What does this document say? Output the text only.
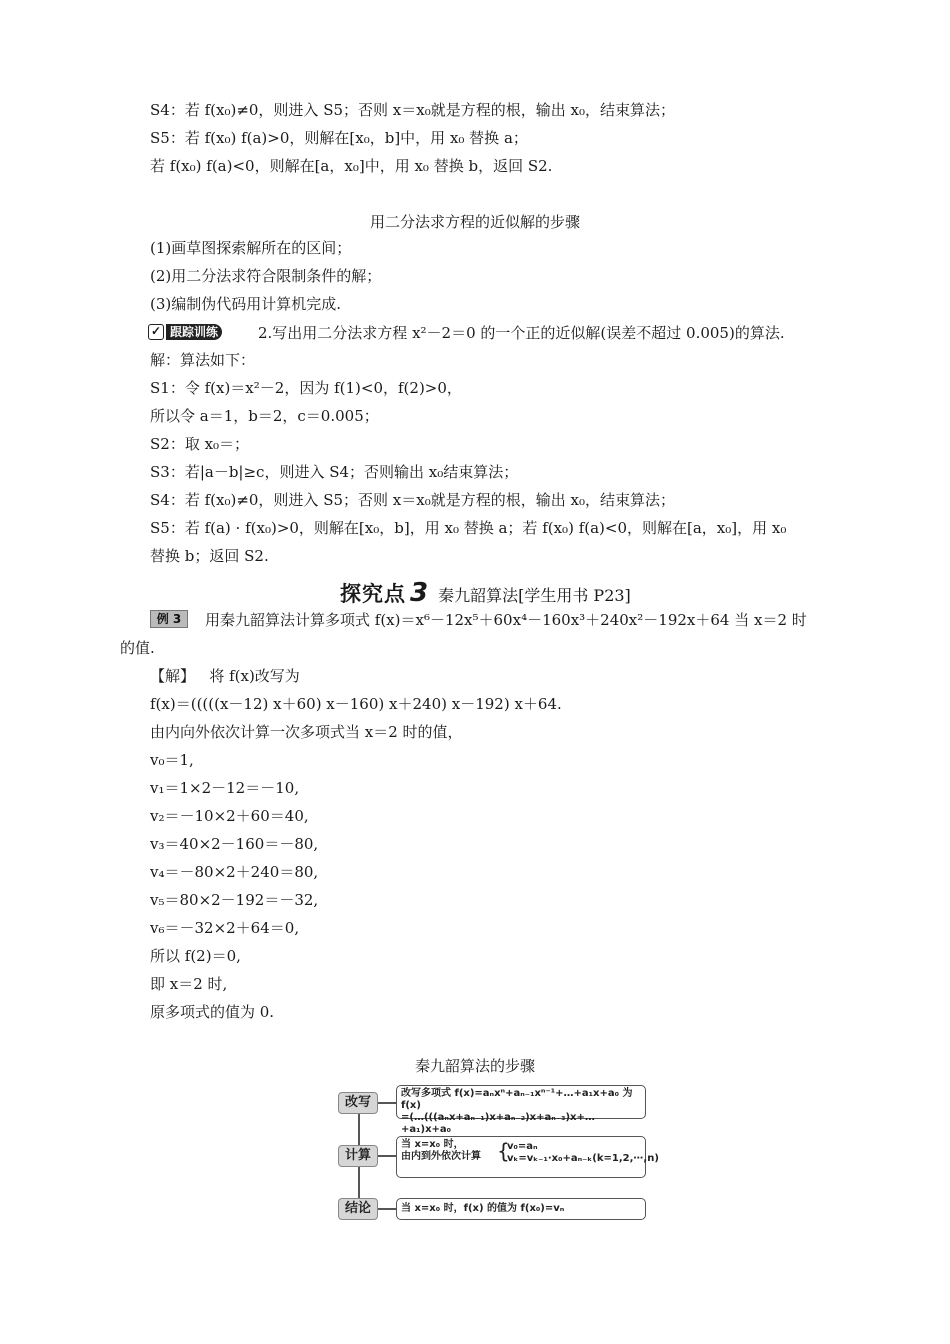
S4：若 f(x₀)≠0，则进入 S5；否则 x＝x₀就是方程的根，输出 x₀，结束算法；
S5：若 f(x₀) f(a)>0，则解在[x₀，b]中，用 x₀ 替换 a；
若 f(x₀) f(a)<0，则解在[a，x₀]中，用 x₀ 替换 b，返回 S2.
用二分法求方程的近似解的步骤
(1)画草图探索解所在的区间；
(2)用二分法求符合限制条件的解；
(3)编制伪代码用计算机完成.
✓ 跟踪训练	2.写出用二分法求方程 x²－2＝0 的一个正的近似解(误差不超过 0.005)的算法.
解：算法如下：
S1：令 f(x)＝x²－2，因为 f(1)<0，f(2)>0，
所以令 a＝1，b＝2，c＝0.005；
S2：取 x₀＝；
S3：若|a－b|≥c，则进入 S4；否则输出 x₀结束算法；
S4：若 f(x₀)≠0，则进入 S5；否则 x＝x₀就是方程的根，输出 x₀，结束算法；
S5：若 f(a) · f(x₀)>0，则解在[x₀，b]，用 x₀ 替换 a；若 f(x₀) f(a)<0，则解在[a，x₀]，用 x₀
替换 b；返回 S2.
探究点 3 秦九韶算法[学生用书 P23]
例 3	用秦九韶算法计算多项式 f(x)＝x⁶－12x⁵＋60x⁴－160x³＋240x²－192x＋64 当 x＝2 时
的值.
【解】 将 f(x)改写为
f(x)＝(((((x－12) x＋60) x－160) x＋240) x－192) x＋64.
由内向外依次计算一次多项式当 x＝2 时的值，
v₀＝1,
v₁＝1×2－12＝－10,
v₂＝－10×2＋60＝40,
v₃＝40×2－160＝－80,
v₄＝－80×2＋240＝80,
v₅＝80×2－192＝－32,
v₆＝－32×2＋64＝0,
所以 f(2)＝0,
即 x＝2 时,
原多项式的值为 0.
秦九韶算法的步骤
改写
改写多项式 f(x)=aₙxⁿ+aₙ₋₁xⁿ⁻¹+…+a₁x+a₀ 为 f(x)
=(…(((aₙx+aₙ₋₁)x+aₙ₋₂)x+aₙ₋₃)x+…+a₁)x+a₀
计算
当 x=x₀ 时，
由内到外依次计算 {
v₀=aₙ
vₖ=vₖ₋₁·x₀+aₙ₋ₖ(k=1,2,⋯,n)
结论	当 x=x₀ 时，f(x) 的值为 f(x₀)=vₙ
